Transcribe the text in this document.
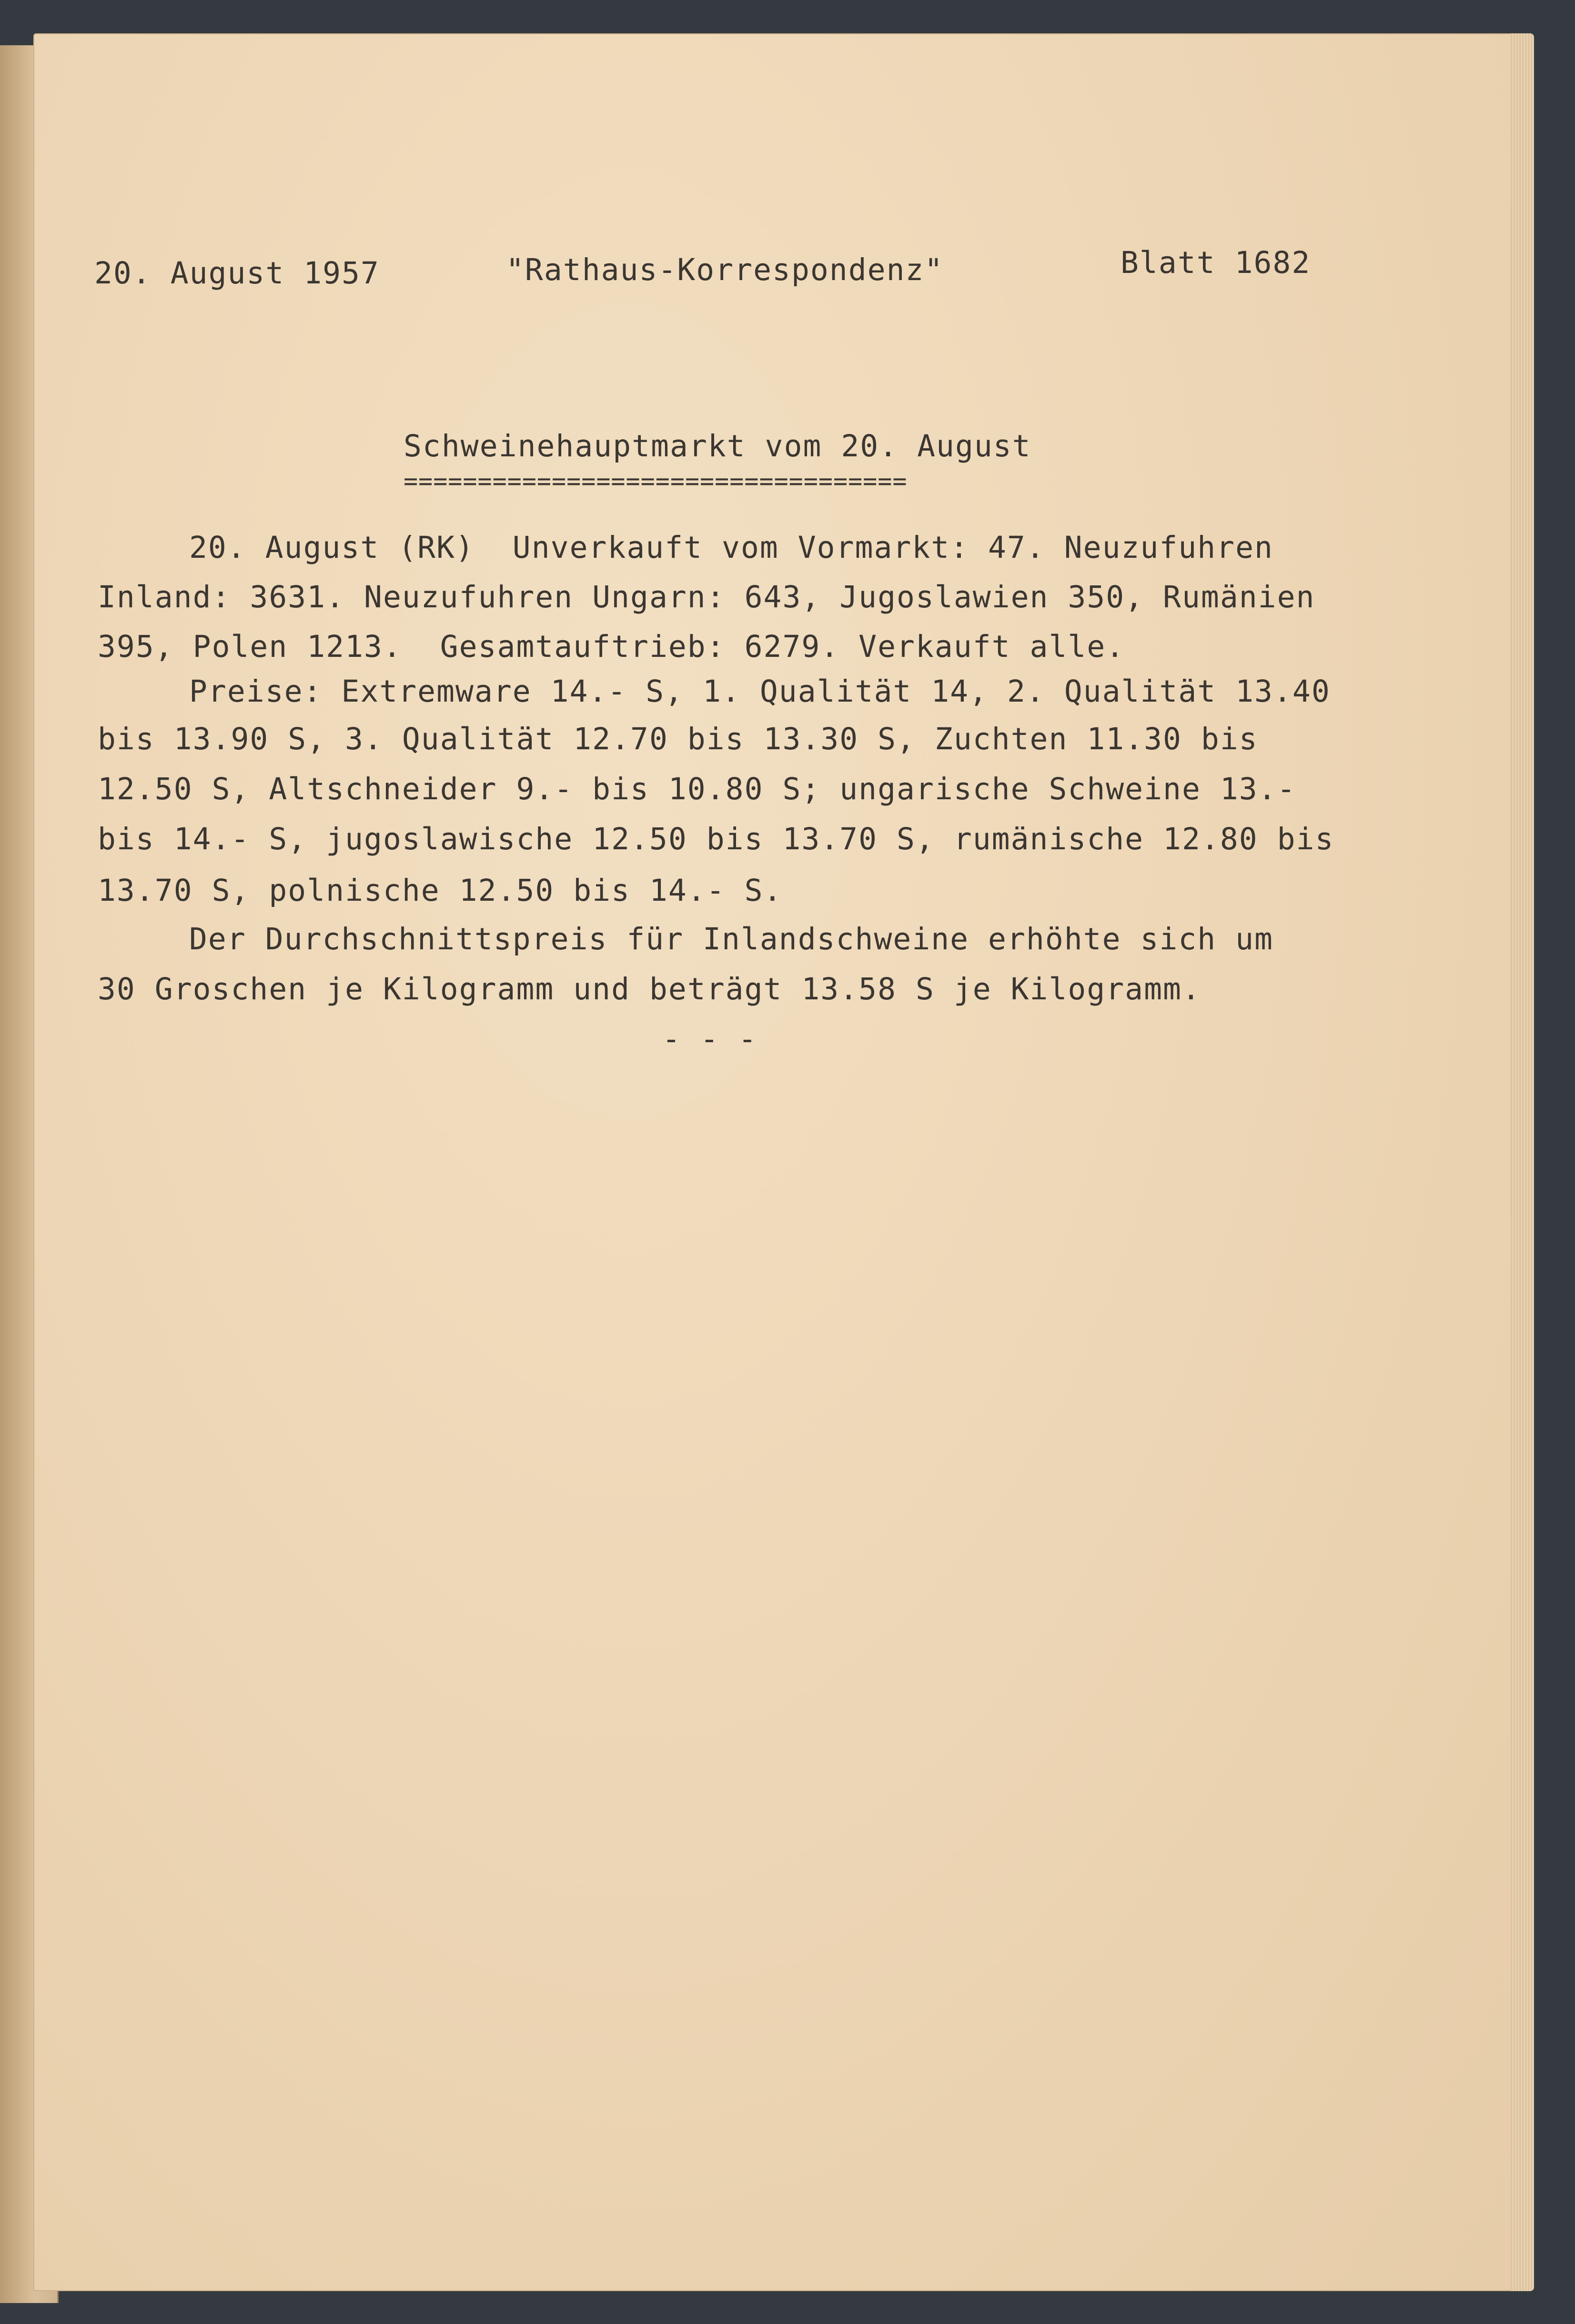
20. August 1957	"Rathaus-Korrespondenz"	Blatt 1682
Schweinehauptmarkt vom 20. August
==================================
20. August (RK)  Unverkauft vom Vormarkt: 47. Neuzufuhren
Inland: 3631. Neuzufuhren Ungarn: 643, Jugoslawien 350, Rumänien
395, Polen 1213.  Gesamtauftrieb: 6279. Verkauft alle.
Preise: Extremware 14.- S, 1. Qualität 14, 2. Qualität 13.40
bis 13.90 S, 3. Qualität 12.70 bis 13.30 S, Zuchten 11.30 bis
12.50 S, Altschneider 9.- bis 10.80 S; ungarische Schweine 13.-
bis 14.- S, jugoslawische 12.50 bis 13.70 S, rumänische 12.80 bis
13.70 S, polnische 12.50 bis 14.- S.
Der Durchschnittspreis für Inlandschweine erhöhte sich um
30 Groschen je Kilogramm und beträgt 13.58 S je Kilogramm.
- - -
